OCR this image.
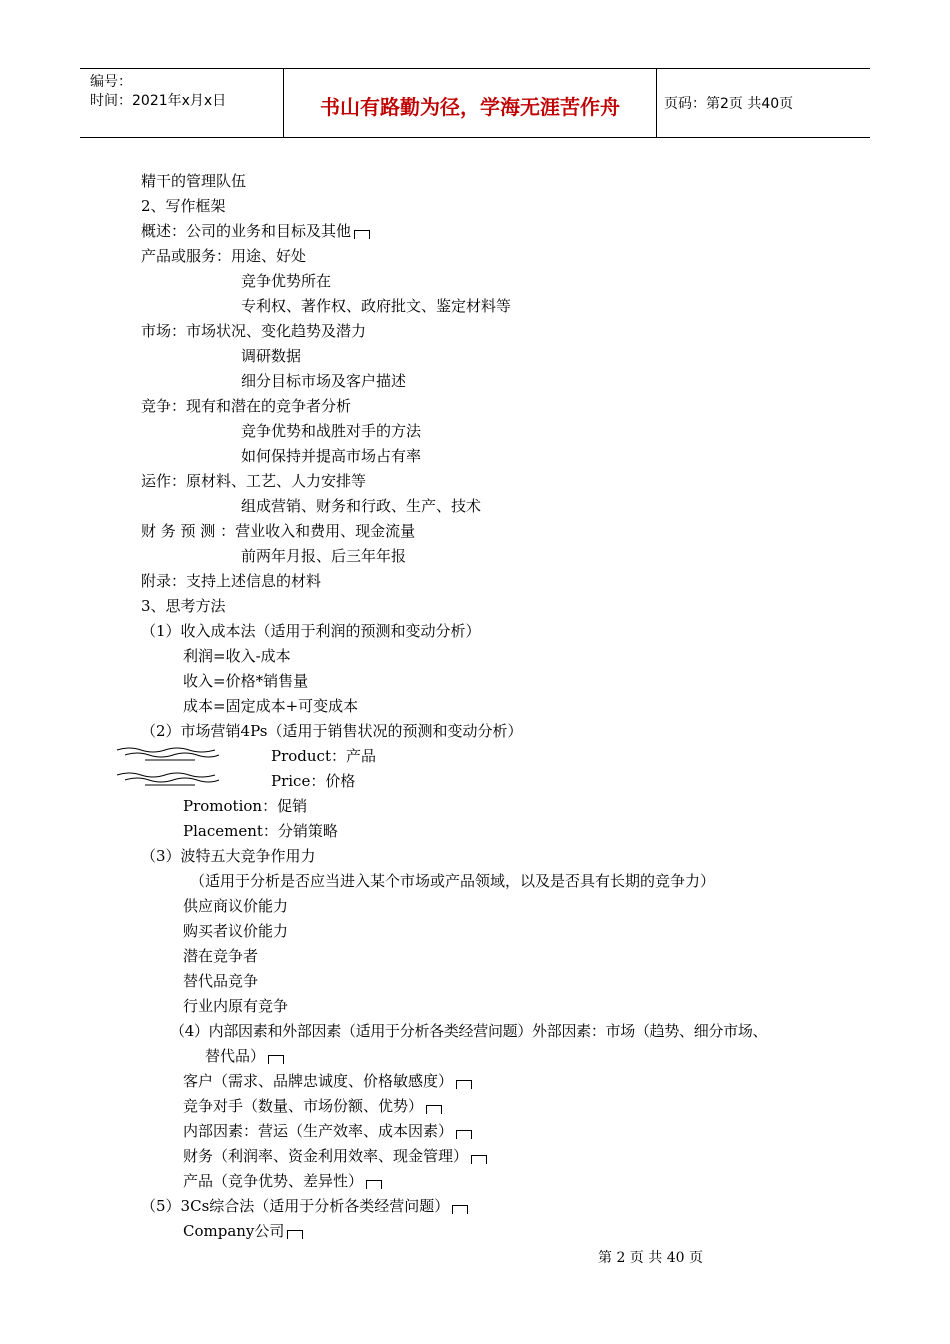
编号：
时间：2021年x月x日	书山有路勤为径，学海无涯苦作舟	页码：第2页 共40页
精干的管理队伍
2、写作框架
概述：公司的业务和目标及其他
产品或服务：用途、好处
竞争优势所在
专利权、著作权、政府批文、鉴定材料等
市场：市场状况、变化趋势及潜力
调研数据
细分目标市场及客户描述
竞争：现有和潜在的竞争者分析
竞争优势和战胜对手的方法
如何保持并提高市场占有率
运作：原材料、工艺、人力安排等
组成营销、财务和行政、生产、技术
财 务 预 测 ：营业收入和费用、现金流量
前两年月报、后三年年报
附录：支持上述信息的材料
3、思考方法
（1）收入成本法（适用于利润的预测和变动分析）
利润=收入-成本
收入=价格*销售量
成本=固定成本+可变成本
（2）市场营销4Ps（适用于销售状况的预测和变动分析）
Product：产品
Price：价格
Promotion：促销
Placement：分销策略
（3）波特五大竞争作用力
（适用于分析是否应当进入某个市场或产品领域，以及是否具有长期的竞争力）
供应商议价能力
购买者议价能力
潜在竞争者
替代品竞争
行业内原有竞争
（4）内部因素和外部因素（适用于分析各类经营问题）外部因素：市场（趋势、细分市场、
替代品）
客户（需求、品牌忠诚度、价格敏感度）
竞争对手（数量、市场份额、优势）
内部因素：营运（生产效率、成本因素）
财务（利润率、资金利用效率、现金管理）
产品（竞争优势、差异性）
（5）3Cs综合法（适用于分析各类经营问题）
Company公司
第 2 页 共 40 页
